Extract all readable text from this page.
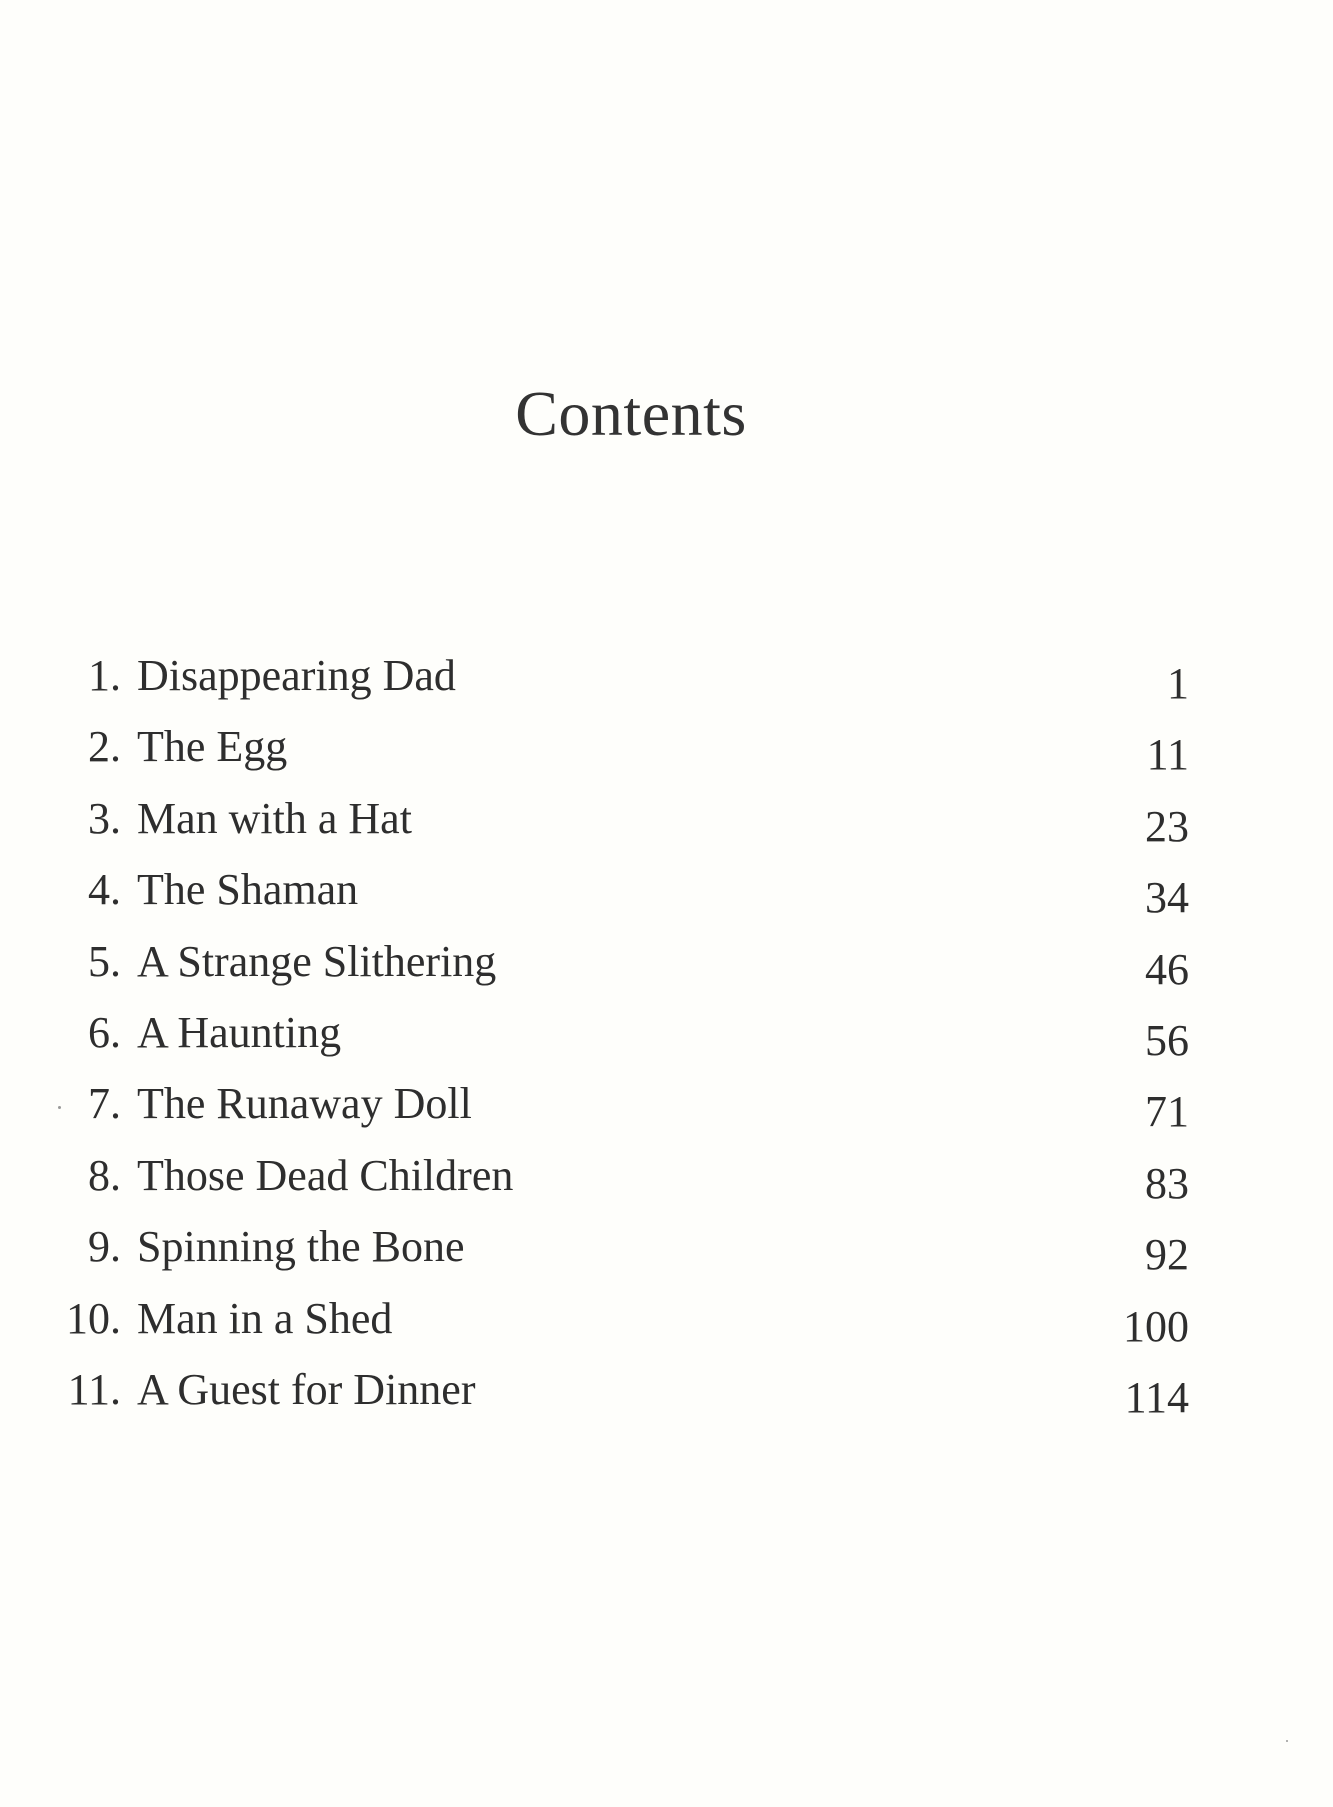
Contents
1. Disappearing Dad	1
2. The Egg	11
3. Man with a Hat	23
4. The Shaman	34
5. A Strange Slithering	46
6. A Haunting	56
7. The Runaway Doll	71
8. Those Dead Children	83
9. Spinning the Bone	92
10. Man in a Shed	100
11. A Guest for Dinner	114
